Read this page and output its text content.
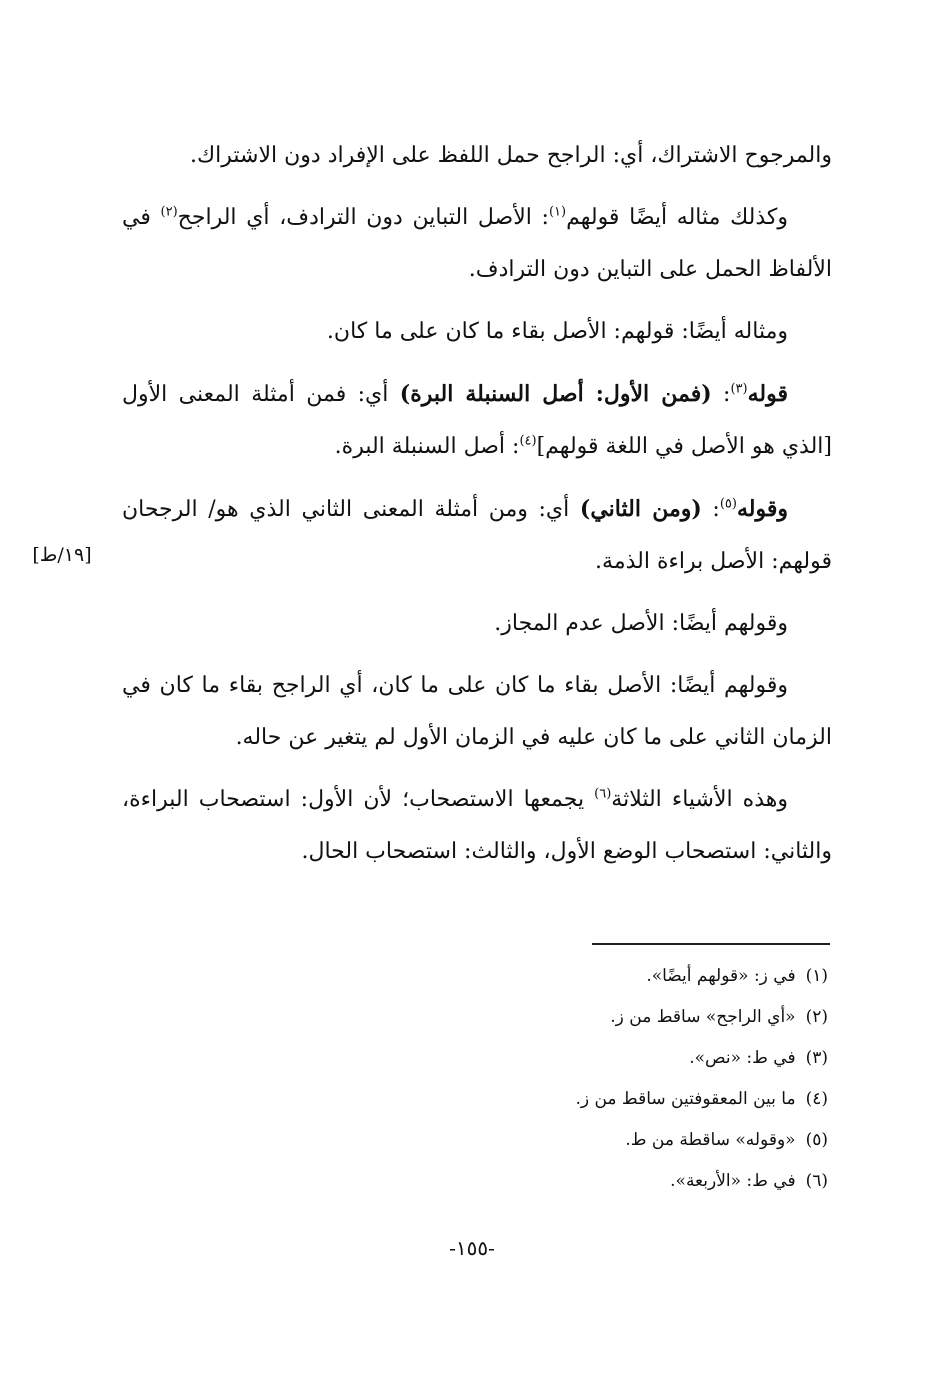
والمرجوح الاشتراك، أي: الراجح حمل اللفظ على الإفراد دون الاشتراك.

وكذلك مثاله أيضًا قولهم$^{(١)}$: الأصل التباين دون الترادف، أي الراجح$^{(٢)}$ في الألفاظ الحمل على التباين دون الترادف.

ومثاله أيضًا: قولهم: الأصل بقاء ما كان على ما كان.

قوله$^{(٣)}$: (فمن الأول: أصل السنبلة البرة) أي: فمن أمثلة المعنى الأول [الذي هو الأصل في اللغة قولهم]$^{(٤)}$: أصل السنبلة البرة.

وقوله$^{(٥)}$: (ومن الثاني) أي: ومن أمثلة المعنى الثاني الذي هو/ الرجحان قولهم: الأصل براءة الذمة.

وقولهم أيضًا: الأصل عدم المجاز.

وقولهم أيضًا: الأصل بقاء ما كان على ما كان، أي الراجح بقاء ما كان في الزمان الثاني على ما كان عليه في الزمان الأول لم يتغير عن حاله.

وهذه الأشياء الثلاثة$^{(٦)}$ يجمعها الاستصحاب؛ لأن الأول: استصحاب البراءة، والثاني: استصحاب الوضع الأول، والثالث: استصحاب الحال.

[١٩/ط]
(١)في ز: «قولهم أيضًا».
(٢)«أي الراجح» ساقط من ز.
(٣)في ط: «نص».
(٤)ما بين المعقوفتين ساقط من ز.
(٥)«وقوله» ساقطة من ط.
(٦)في ط: «الأربعة».
-١٥٥-
